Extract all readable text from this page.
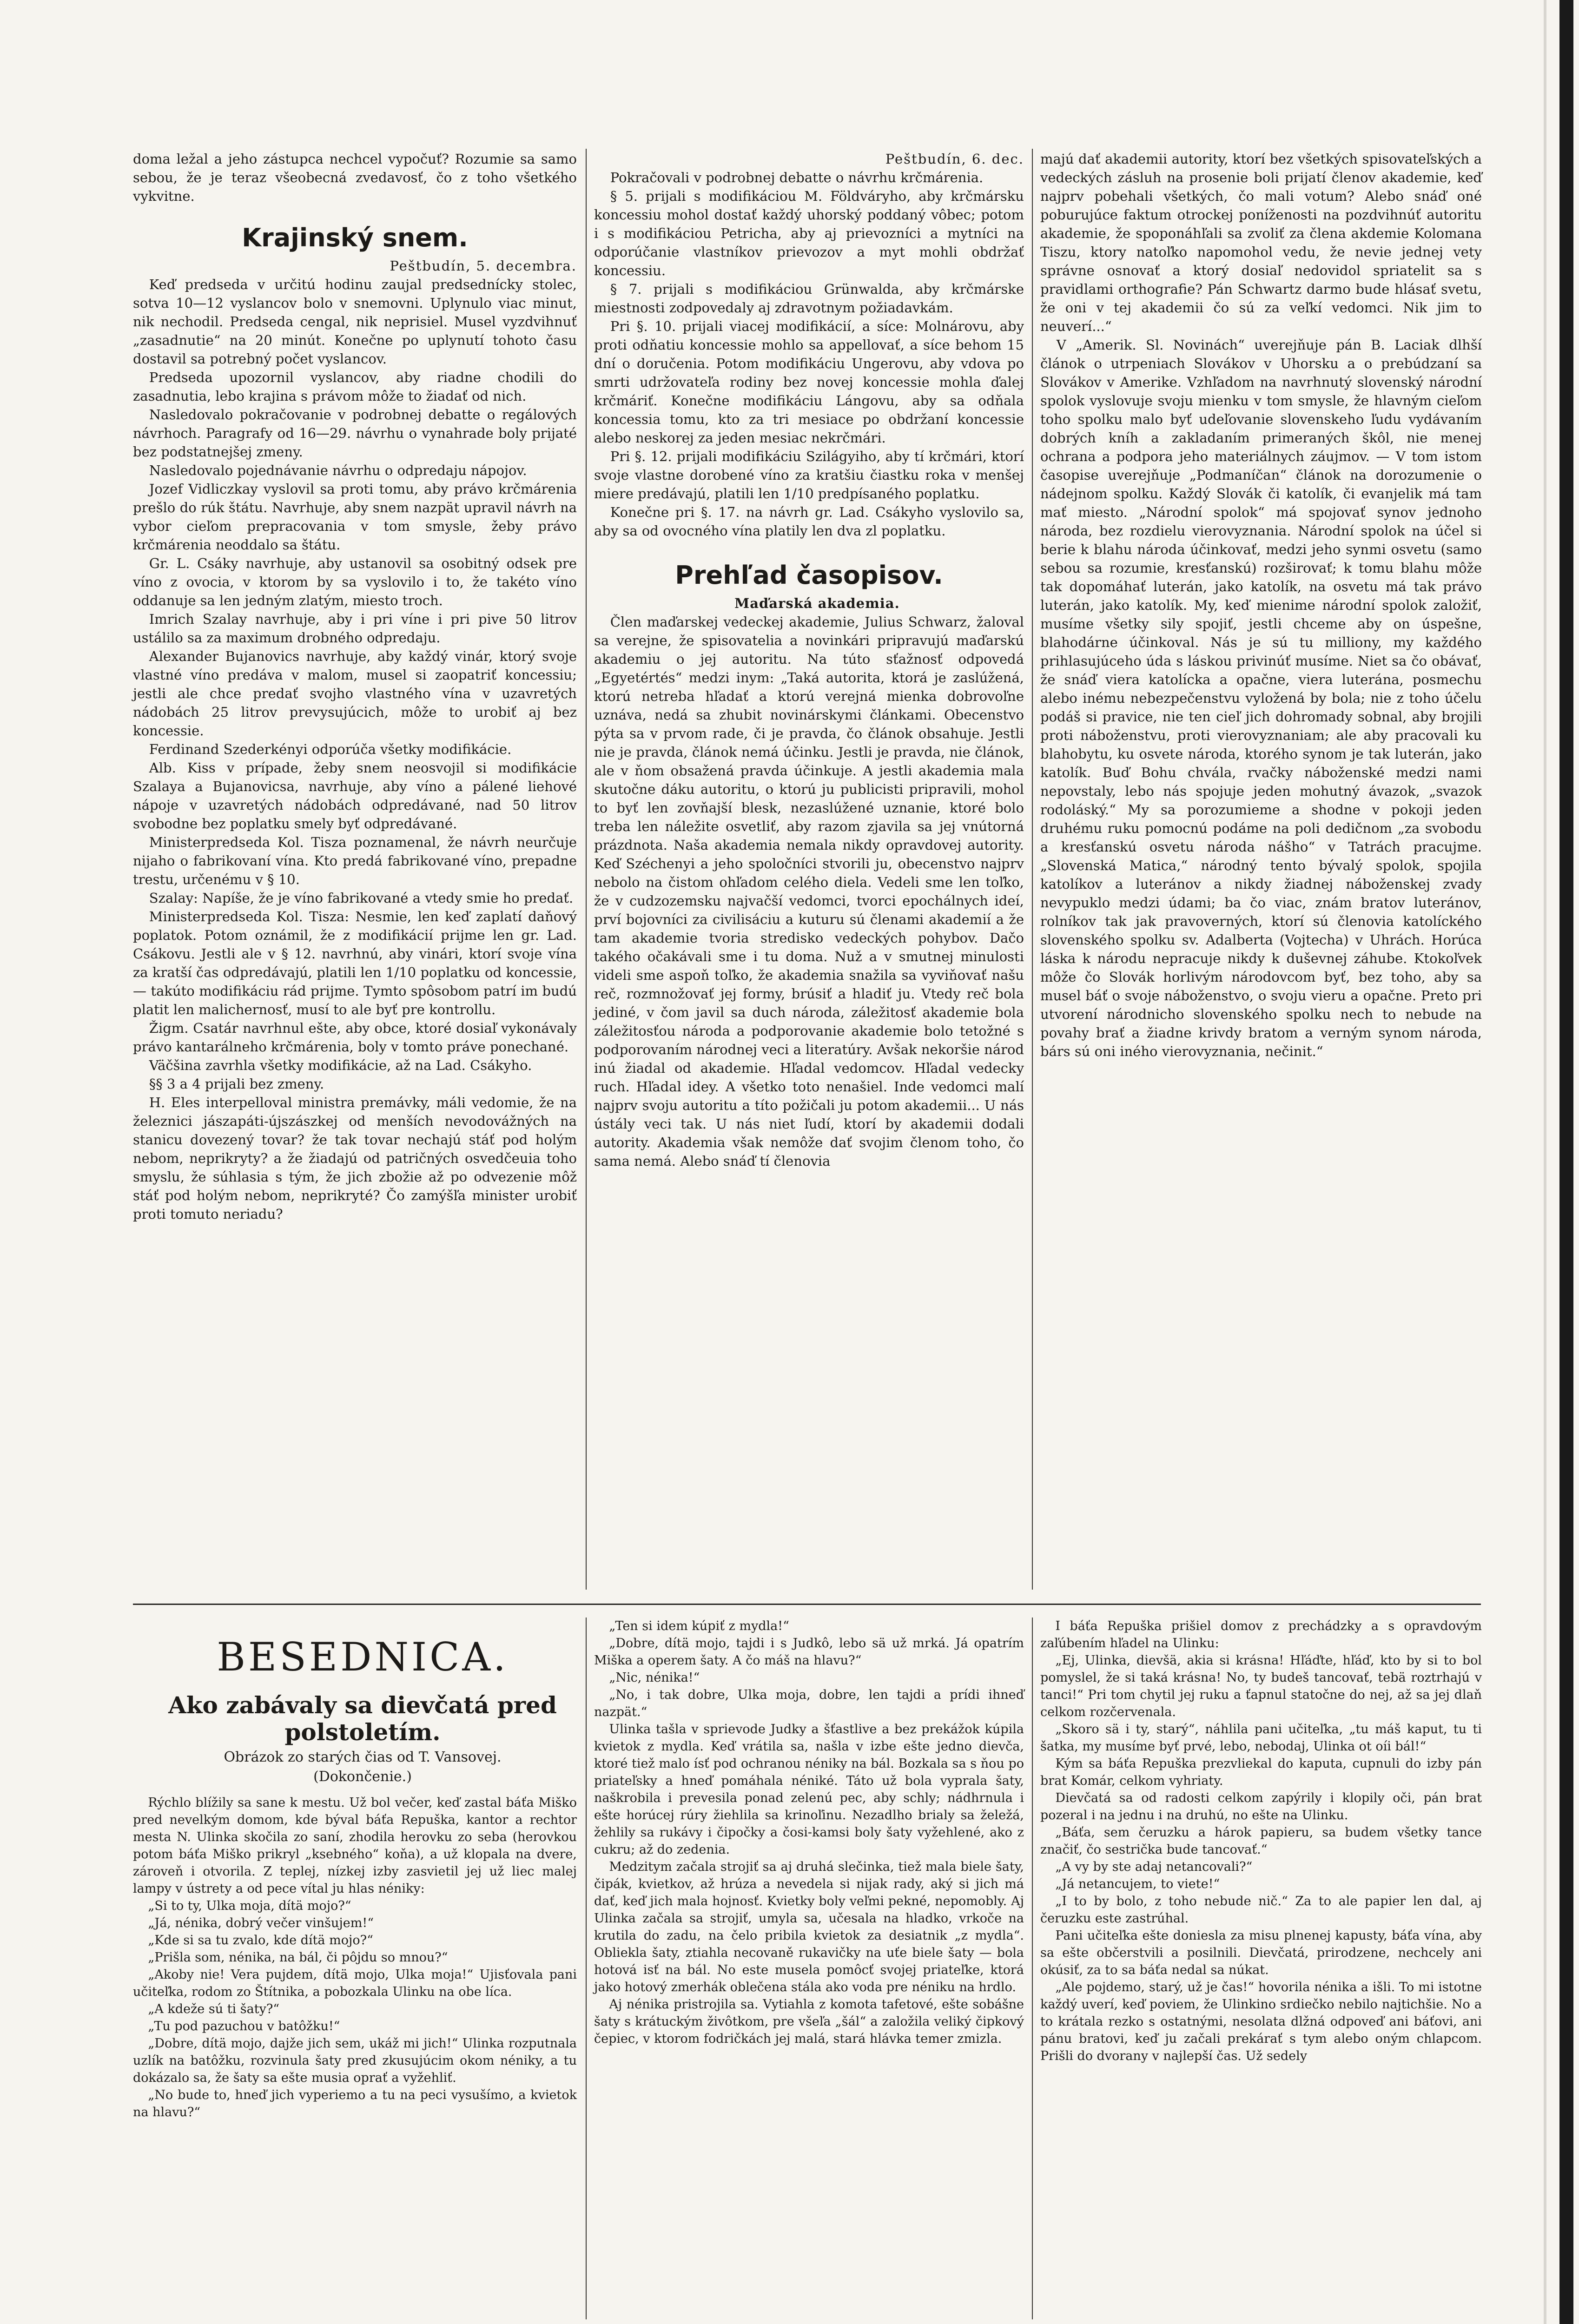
doma ležal a jeho zástupca nechcel vypočuť? Rozumie sa samo sebou, že je teraz všeobecná zvedavosť, čo z toho všetkého vykvitne.

Krajinský snem.

Peštbudín, 5. decembra.

Keď predseda v určitú hodinu zaujal predsednícky stolec, sotva 10—12 vyslancov bolo v snemovni. Uplynulo viac minut, nik nechodil. Predseda cengal, nik neprisiel. Musel vyzdvihnuť „zasadnutie“ na 20 minút. Konečne po uplynutí tohoto času dostavil sa potrebný počet vyslancov.

Predseda upozornil vyslancov, aby riadne chodili do zasadnutia, lebo krajina s právom môže to žiadať od nich.

Nasledovalo pokračovanie v podrobnej debatte o regálových návrhoch. Paragrafy od 16—29. návrhu o vynahrade boly prijaté bez podstatnejšej zmeny.

Nasledovalo pojednávanie návrhu o odpredaju nápojov.

Jozef Vidliczkay vyslovil sa proti tomu, aby právo krčmárenia prešlo do rúk štátu. Navrhuje, aby snem nazpät upravil návrh na vybor cieľom prepracovania v tom smysle, žeby právo krčmárenia neoddalo sa štátu.

Gr. L. Csáky navrhuje, aby ustanovil sa osobitný odsek pre víno z ovocia, v ktorom by sa vyslovilo i to, že takéto víno oddanuje sa len jedným zlatým, miesto troch.

Imrich Szalay navrhuje, aby i pri víne i pri pive 50 litrov ustálilo sa za maximum drobného odpredaju.

Alexander Bujanovics navrhuje, aby každý vinár, ktorý svoje vlastné víno predáva v malom, musel si zaopatriť koncessiu; jestli ale chce predať svojho vlastného vína v uzavretých nádobách 25 litrov prevysujúcich, môže to urobiť aj bez koncessie.

Ferdinand Szederkényi odporúča všetky modifikácie.

Alb. Kiss v prípade, žeby snem neosvojil si modifikácie Szalaya a Bujanovicsa, navrhuje, aby víno a pálené liehové nápoje v uzavretých nádobách odpredávané, nad 50 litrov svobodne bez poplatku smely byť odpredávané.

Ministerpredseda Kol. Tisza poznamenal, že návrh neurčuje nijaho o fabrikovaní vína. Kto predá fabrikované víno, prepadne trestu, určenému v § 10.

Szalay: Napíše, že je víno fabrikované a vtedy smie ho predať.

Ministerpredseda Kol. Tisza: Nesmie, len keď zaplatí daňový poplatok. Potom oznámil, že z modifikácií prijme len gr. Lad. Csákovu. Jestli ale v § 12. navrhnú, aby vinári, ktorí svoje vína za kratší čas odpredávajú, platili len 1/10 poplatku od koncessie, — takúto modifikáciu rád prijme. Tymto spôsobom patrí im budú platit len malichernosť, musí to ale byť pre kontrollu.

Žigm. Csatár navrhnul ešte, aby obce, ktoré dosiaľ vykonávaly právo kantarálneho krčmárenia, boly v tomto práve ponechané.

Väčšina zavrhla všetky modifikácie, až na Lad. Csákyho.

§§ 3 a 4 prijali bez zmeny.

H. Eles interpelloval ministra premávky, máli vedomie, že na železnici jászapáti-újszászkej od menších nevodovážných na stanicu dovezený tovar? že tak tovar nechajú stáť pod holým nebom, neprikryty? a že žiadajú od patričných osvedčeuia toho smyslu, že súhlasia s tým, že jich zbožie až po odvezenie môž stáť pod holým nebom, neprikryté? Čo zamýšľa minister urobiť proti tomuto neriadu?

Peštbudín, 6. dec.

Pokračovali v podrobnej debatte o návrhu krčmárenia.

§ 5. prijali s modifikáciou M. Földváryho, aby krčmársku koncessiu mohol dostať každý uhorský poddaný vôbec; potom i s modifikáciou Petricha, aby aj prievozníci a mytníci na odporúčanie vlastníkov prievozov a myt mohli obdržať koncessiu.

§ 7. prijali s modifikáciou Grünwalda, aby krčmárske miestnosti zodpovedaly aj zdravotnym požiadavkám.

Pri §. 10. prijali viacej modifikácií, a síce: Molnárovu, aby proti odňatiu koncessie mohlo sa appellovať, a síce behom 15 dní o doručenia. Potom modifikáciu Ungerovu, aby vdova po smrti udržovateľa rodiny bez novej koncessie mohla ďalej krčmáriť. Konečne modifikáciu Lángovu, aby sa odňala koncessia tomu, kto za tri mesiace po obdržaní koncessie alebo neskorej za jeden mesiac nekrčmári.

Pri §. 12. prijali modifikáciu Szilágyiho, aby tí krčmári, ktorí svoje vlastne dorobené víno za kratšiu čiastku roka v menšej miere predávajú, platili len 1/10 predpísaného poplatku.

Konečne pri §. 17. na návrh gr. Lad. Csákyho vyslovilo sa, aby sa od ovocného vína platily len dva zl poplatku.

Prehľad časopisov.

Maďarská akademia.

Člen maďarskej vedeckej akademie, Julius Schwarz, žaloval sa verejne, že spisovatelia a novinkári pripravujú maďarskú akademiu o jej autoritu. Na túto sťažnosť odpovedá „Egyetértés“ medzi inym: „Taká autorita, ktorá je zaslúžená, ktorú netreba hľadať a ktorú verejná mienka dobrovoľne uznáva, nedá sa zhubit novinárskymi článkami. Obecenstvo pýta sa v prvom rade, či je pravda, čo článok obsahuje. Jestli nie je pravda, článok nemá účinku. Jestli je pravda, nie článok, ale v ňom obsažená pravda účinkuje. A jestli akademia mala skutočne dáku autoritu, o ktorú ju publicisti pripravili, mohol to byť len zovňajší blesk, nezaslúžené uznanie, ktoré bolo treba len náležite osvetliť, aby razom zjavila sa jej vnútorná prázdnota. Naša akademia nemala nikdy opravdovej autority. Keď Széchenyi a jeho spoločníci stvorili ju, obecenstvo najprv nebolo na čistom ohľadom celého diela. Vedeli sme len toľko, že v cudzozemsku najvačší vedomci, tvorci epochálnych ideí, prví bojovníci za civilisáciu a kuturu sú členami akademií a že tam akademie tvoria stredisko vedeckých pohybov. Dačo takého očakávali sme i tu doma. Nuž a v smutnej minulosti videli sme aspoň toľko, že akademia snažila sa vyviňovať našu reč, rozmnožovať jej formy, brúsiť a hladiť ju. Vtedy reč bola jediné, v čom javil sa duch národa, záležitosť akademie bola záležitosťou národa a podporovanie akademie bolo tetožné s podporovaním národnej veci a literatúry. Avšak nekoršie národ inú žiadal od akademie. Hľadal vedomcov. Hľadal vedecky ruch. Hľadal idey. A všetko toto nenašiel. Inde vedomci malí najprv svoju autoritu a títo požičali ju potom akademii... U nás ústály veci tak. U nás niet ľudí, ktorí by akademii dodali autority. Akademia však nemôže dať svojim členom toho, čo sama nemá. Alebo snáď tí členovia

majú dať akademii autority, ktorí bez všetkých spisovateľských a vedeckých zásluh na prosenie boli prijatí členov akademie, keď najprv pobehali všetkých, čo mali votum? Alebo snáď oné poburujúce faktum otrockej poníženosti na pozdvihnúť autoritu akademie, že spoponáhľali sa zvoliť za člena akdemie Kolomana Tiszu, ktory natoľko napomohol vedu, že nevie jednej vety správne osnovať a ktorý dosiaľ nedovidol spriatelit sa s pravidlami orthografie? Pán Schwartz darmo bude hlásať svetu, že oni v tej akademii čo sú za veľkí vedomci. Nik jim to neuverí...“

V „Amerik. Sl. Novinách“ uverejňuje pán B. Laciak dlhší článok o utrpeniach Slovákov v Uhorsku a o prebúdzaní sa Slovákov v Amerike. Vzhľadom na navrhnutý slovenský národní spolok vyslovuje svoju mienku v tom smysle, že hlavným cieľom toho spolku malo byť udeľovanie slovenskeho ľudu vydávaním dobrých kníh a zakladaním primeraných škôl, nie menej ochrana a podpora jeho materiálnych záujmov. — V tom istom časopise uverejňuje „Podmaníčan“ článok na dorozumenie o nádejnom spolku. Každý Slovák či katolík, či evanjelik má tam mať miesto. „Národní spolok“ má spojovať synov jednoho národa, bez rozdielu vierovyznania. Národní spolok na účel si berie k blahu národa účinkovať, medzi jeho synmi osvetu (samo sebou sa rozumie, kresťanskú) rozširovať; k tomu blahu môže tak dopomáhať luterán, jako katolík, na osvetu má tak právo luterán, jako katolík. My, keď mienime národní spolok založiť, musíme všetky sily spojiť, jestli chceme aby on úspešne, blahodárne účinkoval. Nás je sú tu milliony, my každého prihlasujúceho úda s láskou privinúť musíme. Niet sa čo obávať, že snáď viera katolícka a opačne, viera luterána, posmechu alebo inému nebezpečenstvu vyložená by bola; nie z toho účelu podáš si pravice, nie ten cieľ jich dohromady sobnal, aby brojili proti náboženstvu, proti vierovyznaniam; ale aby pracovali ku blahobytu, ku osvete národa, ktorého synom je tak luterán, jako katolík. Buď Bohu chvála, rvačky náboženské medzi nami nepovstaly, lebo nás spojuje jeden mohutný ávazok, „svazok rodoláský.“ My sa porozumieme a shodne v pokoji jeden druhému ruku pomocnú podáme na poli dedičnom „za svobodu a kresťanskú osvetu národa nášho“ v Tatrách pracujme. „Slovenská Matica,“ národný tento bývalý spolok, spojila katolíkov a luteránov a nikdy žiadnej náboženskej zvady nevypuklo medzi údami; ba čo viac, znám bratov luteránov, rolníkov tak jak pravoverných, ktorí sú členovia katolíckého slovenského spolku sv. Adalberta (Vojtecha) v Uhrách. Horúca láska k národu nepracuje nikdy k duševnej záhube. Ktokoľvek môže čo Slovák horlivým národovcom byť, bez toho, aby sa musel báť o svoje náboženstvo, o svoju vieru a opačne. Preto pri utvorení národnicho slovenského spolku nech to nebude na povahy brať a žiadne krivdy bratom a verným synom národa, bárs sú oni iného vierovyznania, nečinit.“

BESEDNICA.
Ako zabávaly sa dievčatá pred polstoletím.
Obrázok zo starých čias od T. Vansovej.
(Dokončenie.)

Rýchlo blížily sa sane k mestu. Už bol večer, keď zastal báťa Miško pred nevelkým domom, kde býval báťa Repuška, kantor a rechtor mesta N. Ulinka skočila zo saní, zhodila herovku zo seba (herovkou potom báťa Miško prikryl „ksebného“ koňa), a už klopala na dvere, zároveň i otvorila. Z teplej, nízkej izby zasvietil jej už liec malej lampy v ústrety a od pece vítal ju hlas néniky:

„Si to ty, Ulka moja, dítä mojo?“

„Já, nénika, dobrý večer vinšujem!“

„Kde si sa tu zvalo, kde dítä mojo?“

„Prišla som, nénika, na bál, či pôjdu so mnou?“

„Akoby nie! Vera pujdem, dítä mojo, Ulka moja!“ Ujisťovala pani učiteľka, rodom zo Štítnika, a pobozkala Ulinku na obe líca.

„A kdeže sú ti šaty?“

„Tu pod pazuchou v batôžku!“

„Dobre, dítä mojo, dajže jich sem, ukáž mi jich!“ Ulinka rozputnala uzlík na batôžku, rozvinula šaty pred zkusujúcim okom néniky, a tu dokázalo sa, že šaty sa ešte musia oprať a vyžehliť.

„No bude to, hneď jich vyperiemo a tu na peci vysušímo, a kvietok na hlavu?“

„Ten si idem kúpiť z mydla!“

„Dobre, dítä mojo, tajdi i s Judkô, lebo sä už mrká. Já opatrím Miška a operem šaty. A čo máš na hlavu?“

„Nic, nénika!“

„No, i tak dobre, Ulka moja, dobre, len tajdi a prídi ihneď nazpät.“

Ulinka tašla v sprievode Judky a šťastlive a bez prekážok kúpila kvietok z mydla. Keď vrátila sa, našla v izbe ešte jedno dievča, ktoré tiež malo ísť pod ochranou néniky na bál. Bozkala sa s ňou po priateľsky a hneď pomáhala néniké. Táto už bola vyprala šaty, naškrobila i prevesila ponad zelenú pec, aby schly; nádhrnula i ešte horúcej rúry žiehlila sa krinoľinu. Nezadlho brialy sa želežá, žehlily sa rukávy i čipočky a čosi-kamsi boly šaty vyžehlené, ako z cukru; až do zedenia.

Medzitym začala strojiť sa aj druhá slečinka, tiež mala biele šaty, čipák, kvietkov, až hrúza a nevedela si nijak rady, aký si jich má dať, keď jich mala hojnosť. Kvietky boly veľmi pekné, nepomobly. Aj Ulinka začala sa strojiť, umyla sa, učesala na hladko, vrkoče na krutila do zadu, na čelo pribila kvietok za desiatnik „z mydla“. Obliekla šaty, ztiahla necovaně rukavičky na uťe biele šaty — bola hotová isť na bál. No este musela pomôcť svojej priateľke, ktorá jako hotový zmerhák oblečena stála ako voda pre néniku na hrdlo.

Aj nénika pristrojila sa. Vytiahla z komota tafetové, ešte sobášne šaty s krátuckým živôtkom, pre všeľa „šál“ a založila veliký čipkový čepiec, v ktorom fodričkách jej malá, stará hlávka temer zmizla.

I báťa Repuška prišiel domov z prechádzky a s opravdovým zaľúbením hľadel na Ulinku:

„Ej, Ulinka, dievšä, akia si krásna! Hľáďte, hľáď, kto by si to bol pomyslel, že si taká krásna! No, ty budeš tancovať, tebä roztrhajú v tanci!“ Pri tom chytil jej ruku a ťapnul statočne do nej, až sa jej dlaň celkom rozčervenala.

„Skoro sä i ty, starý“, náhlila pani učiteľka, „tu máš kaput, tu ti šatka, my musíme byť prvé, lebo, nebodaj, Ulinka ot oíi bál!“

Kým sa báťa Repuška prezvliekal do kaputa, cupnuli do izby pán brat Komár, celkom vyhriaty.

Dievčatá sa od radosti celkom zapýrily i klopily oči, pán brat pozeral i na jednu i na druhú, no ešte na Ulinku.

„Báťa, sem čeruzku a hárok papieru, sa budem všetky tance značiť, čo sestrička bude tancovať.“

„A vy by ste adaj netancovali?“

„Já netancujem, to viete!“

„I to by bolo, z toho nebude nič.“ Za to ale papier len dal, aj čeruzku este zastrúhal.

Pani učiteľka ešte doniesla za misu plnenej kapusty, báťa vína, aby sa ešte občerstvili a posilnili. Dievčatá, prirodzene, nechcely ani okúsiť, za to sa báťa nedal sa núkat.

„Ale pojdemo, starý, už je čas!“ hovorila nénika a išli. To mi istotne každý uverí, keď poviem, že Ulinkino srdiečko nebilo najtichšie. No a to krátala rezko s ostatnými, nesolata dlžná odpoveď ani báťovi, ani pánu bratovi, keď ju začali prekárať s tym alebo oným chlapcom. Prišli do dvorany v najlepší čas. Už sedely
